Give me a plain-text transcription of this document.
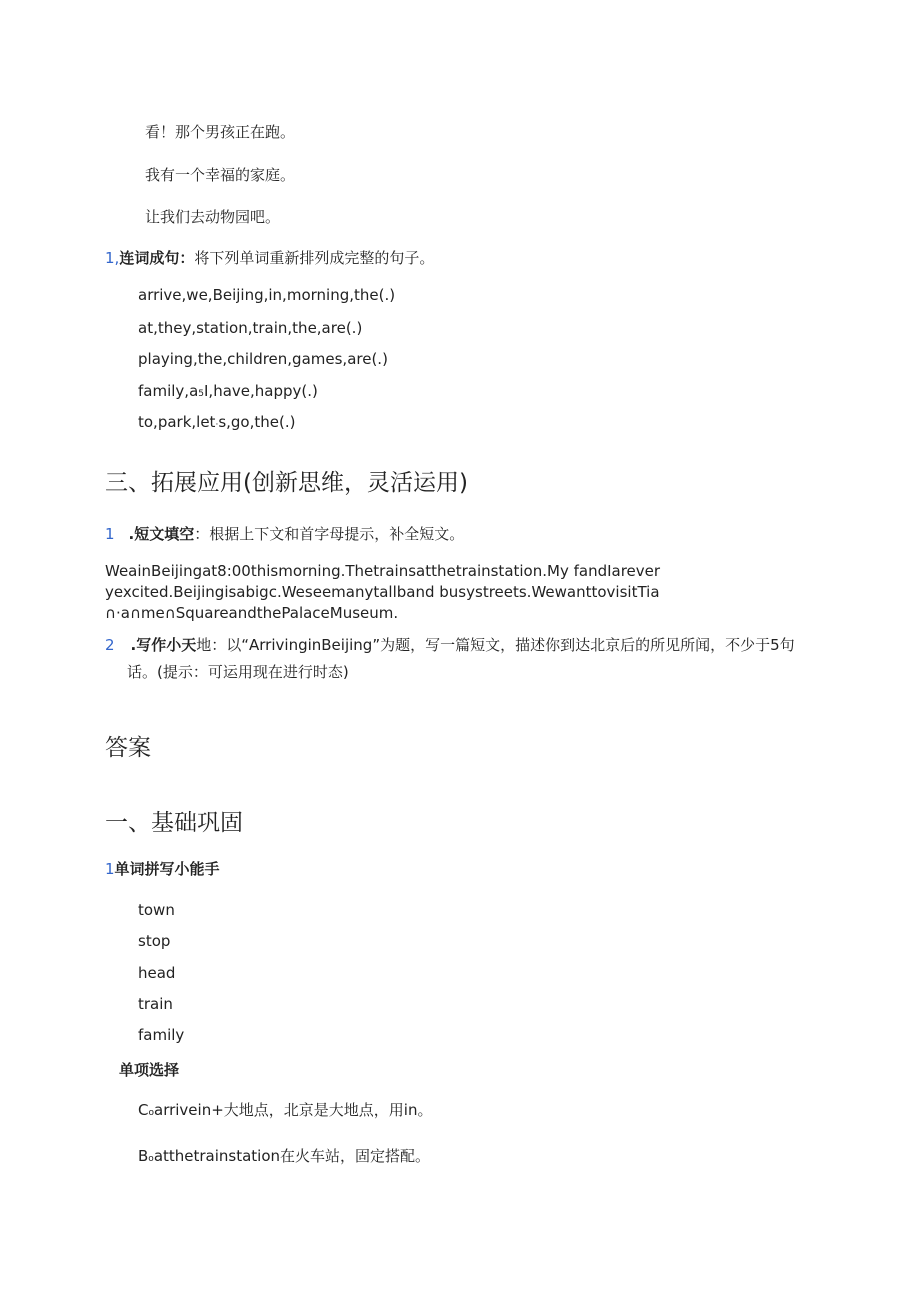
看！那个男孩正在跑。
我有一个幸福的家庭。
让我们去动物园吧。
1,连词成句：将下列单词重新排列成完整的句子。
arrive,we,Beijing,in,morning,the(.)
at,they,station,train,the,are(.)
playing,the,children,games,are(.)
family,a5I,have,happy(.)
to,park,let·s,go,the(.)
三、拓展应用(创新思维，灵活运用)
1 .短文填空：根据上下文和首字母提示，补全短文。
WeainBeijingat8:00thismorning.Thetrainsatthetrainstation.My fandIareveryexcited.Beijingisabigc.Weseemanytallband busystreets.WewanttovisitTia∩·a∩me∩SquareandthePalaceMuseum.
2 .写作小天地：以“ArrivinginBeijing”为题，写一篇短文，描述你到达北京后的所见所闻，不少于5句
话。(提示：可运用现在进行时态)
答案
一、基础巩固
1单词拼写小能手
town
stop
head
train
family
单项选择
Coarrivein+大地点，北京是大地点，用in。
Boatthetrainstation在火车站，固定搭配。
